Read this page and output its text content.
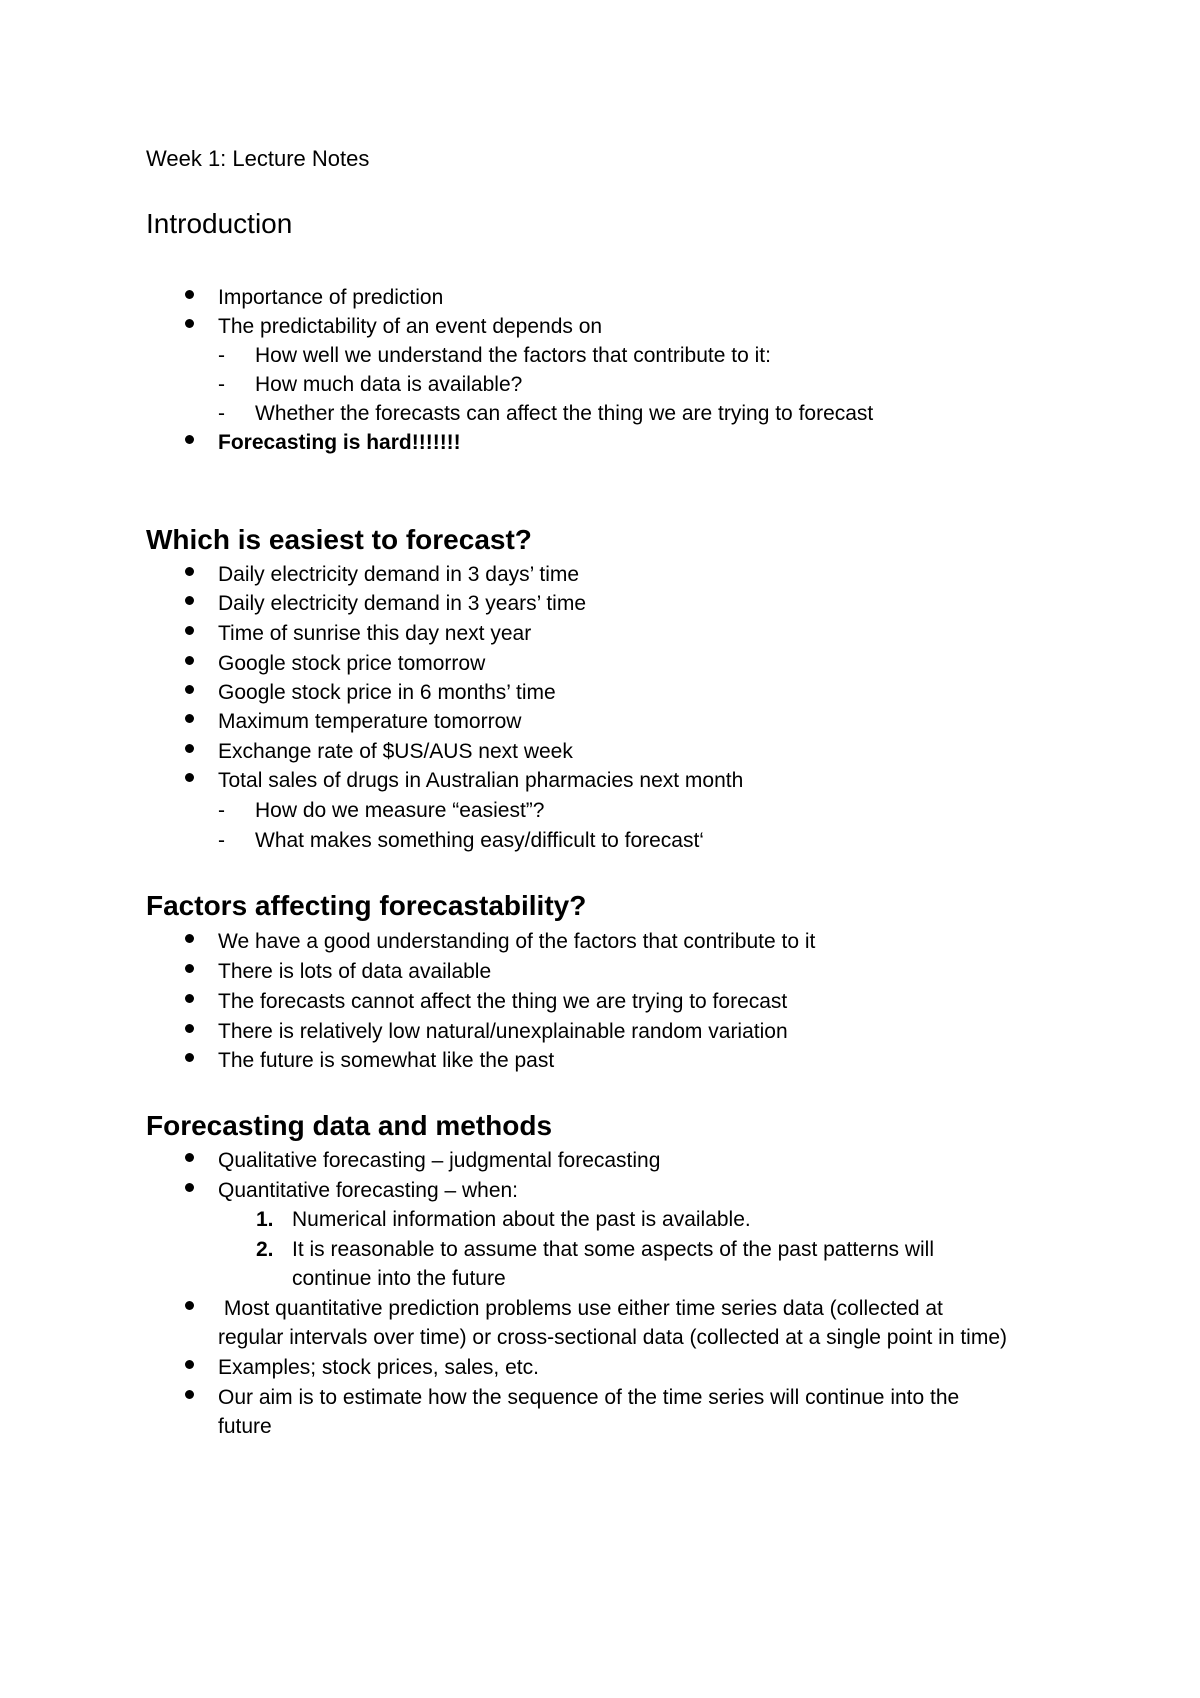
Week 1: Lecture Notes
Introduction
Importance of prediction
The predictability of an event depends on
- How well we understand the factors that contribute to it:
- How much data is available?
- Whether the forecasts can affect the thing we are trying to forecast
Forecasting is hard!!!!!!!
Which is easiest to forecast?
Daily electricity demand in 3 days’ time
Daily electricity demand in 3 years’ time
Time of sunrise this day next year
Google stock price tomorrow
Google stock price in 6 months’ time
Maximum temperature tomorrow
Exchange rate of $US/AUS next week
Total sales of drugs in Australian pharmacies next month
- How do we measure “easiest”?
- What makes something easy/difficult to forecast‘
Factors affecting forecastability?
We have a good understanding of the factors that contribute to it
There is lots of data available
The forecasts cannot affect the thing we are trying to forecast
There is relatively low natural/unexplainable random variation
The future is somewhat like the past
Forecasting data and methods
Qualitative forecasting – judgmental forecasting
Quantitative forecasting – when:
1. Numerical information about the past is available.
2. It is reasonable to assume that some aspects of the past patterns will
continue into the future
Most quantitative prediction problems use either time series data (collected at
regular intervals over time) or cross-sectional data (collected at a single point in time)
Examples; stock prices, sales, etc.
Our aim is to estimate how the sequence of the time series will continue into the
future
